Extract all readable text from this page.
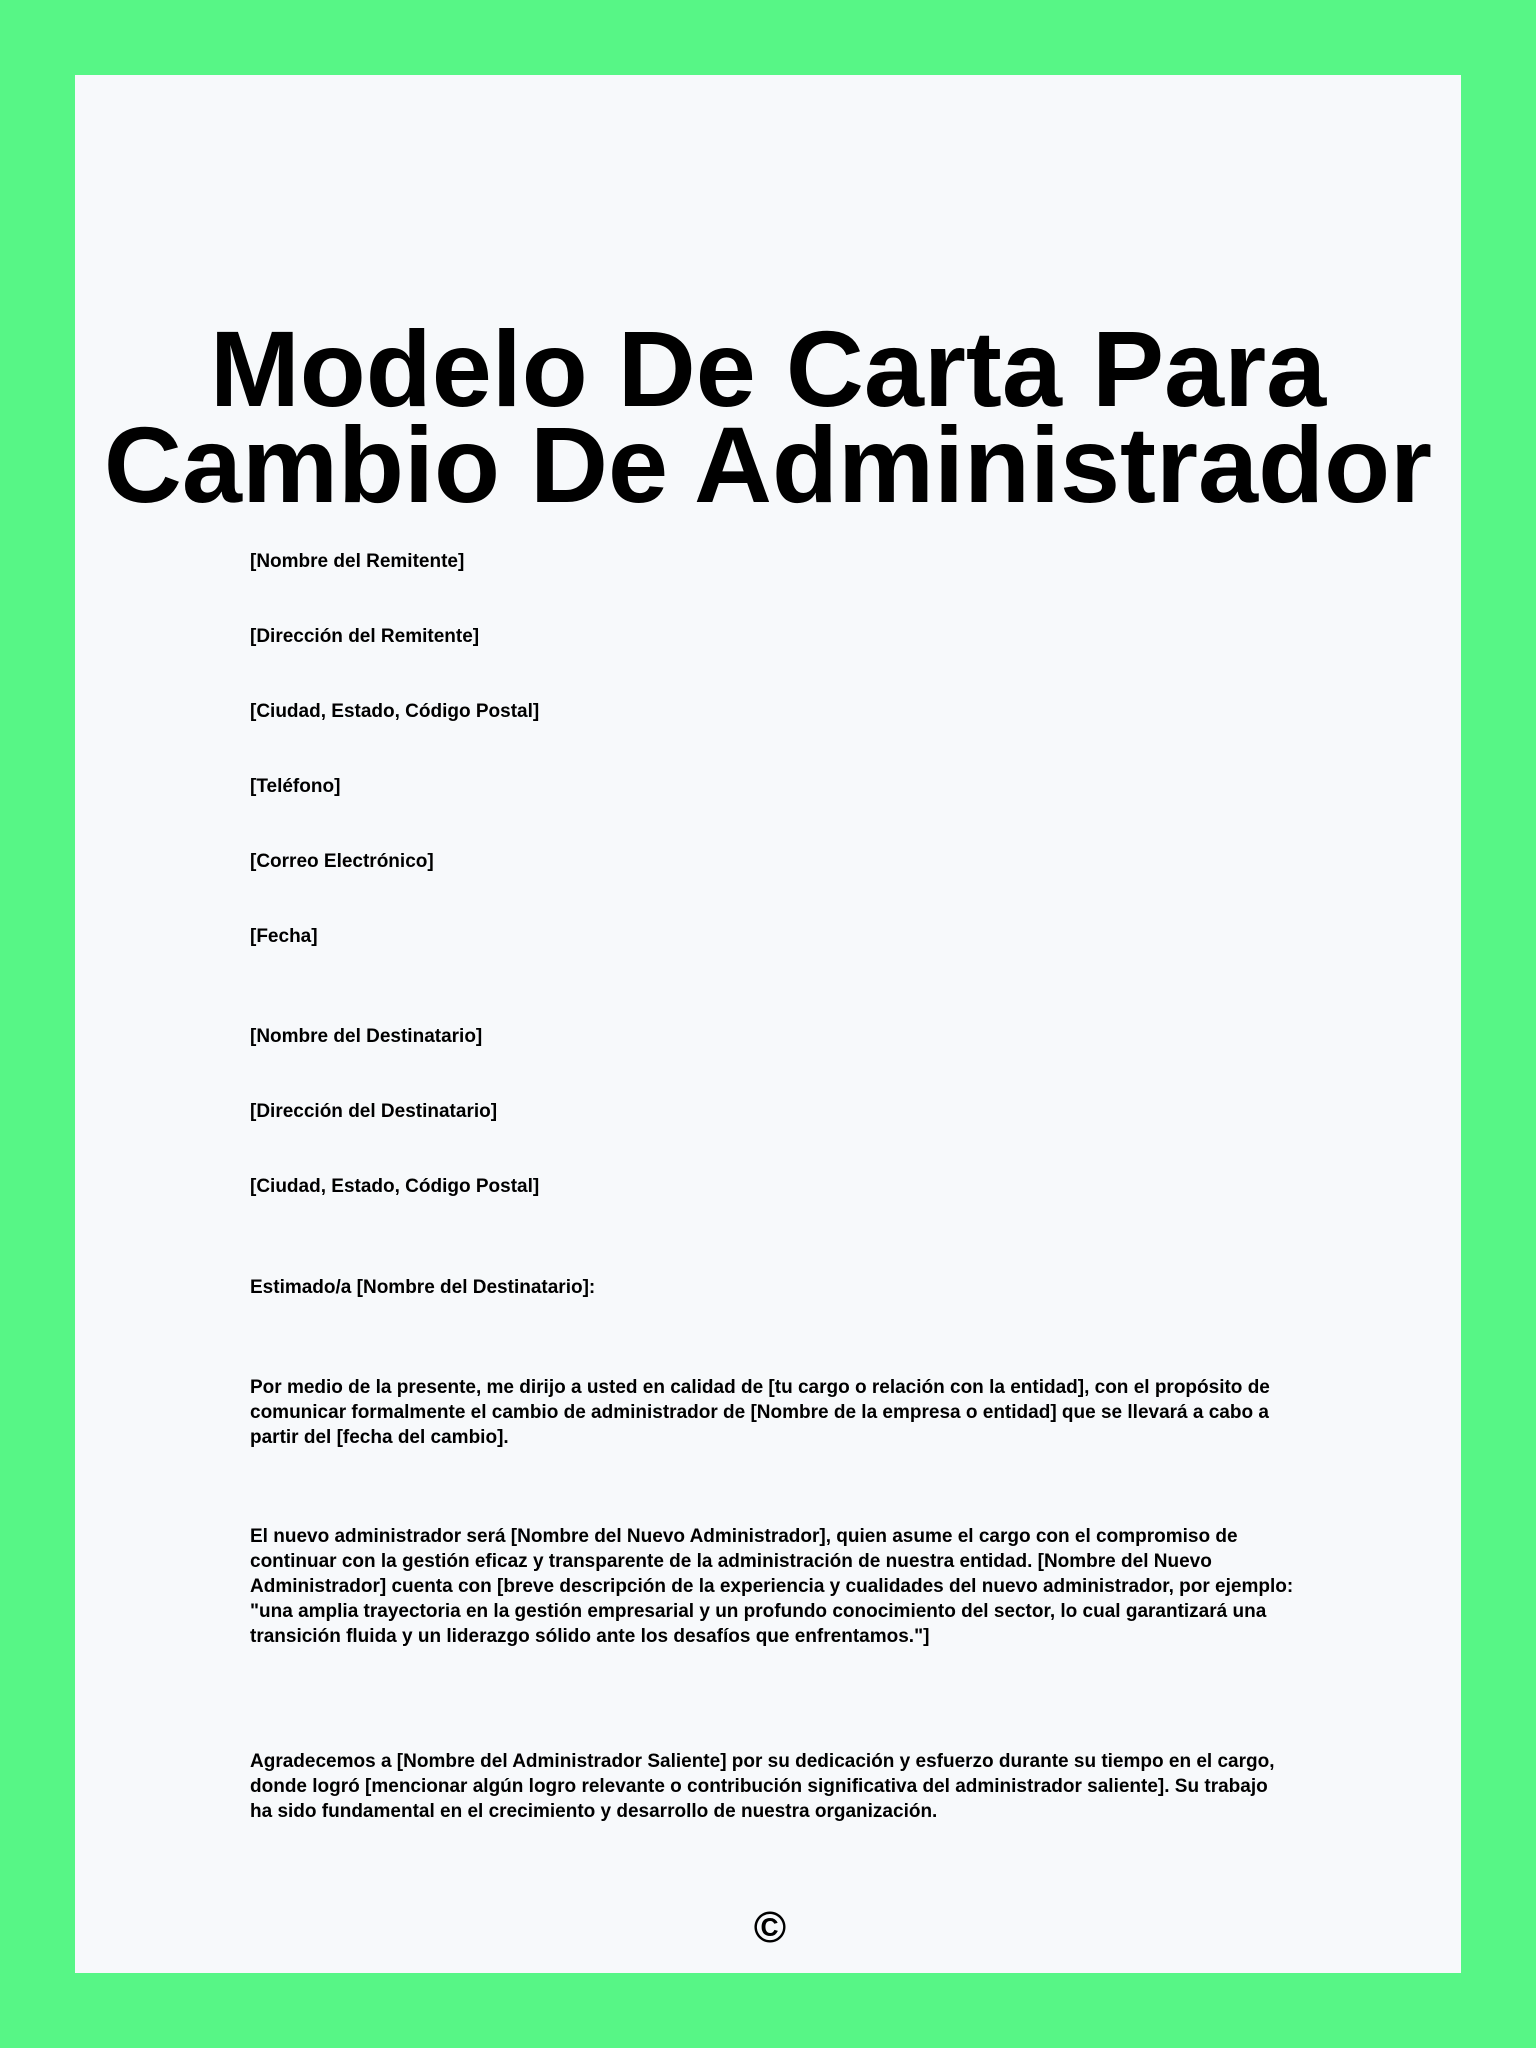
Modelo De Carta Para
Cambio De Administrador

[Nombre del Remitente]

[Dirección del Remitente]

[Ciudad, Estado, Código Postal]

[Teléfono]

[Correo Electrónico]

[Fecha]

[Nombre del Destinatario]

[Dirección del Destinatario]

[Ciudad, Estado, Código Postal]

Estimado/a [Nombre del Destinatario]:

Por medio de la presente, me dirijo a usted en calidad de [tu cargo o relación con la entidad], con el propósito de comunicar formalmente el cambio de administrador de [Nombre de la empresa o entidad] que se llevará a cabo a partir del [fecha del cambio].

El nuevo administrador será [Nombre del Nuevo Administrador], quien asume el cargo con el compromiso de continuar con la gestión eficaz y transparente de la administración de nuestra entidad. [Nombre del Nuevo Administrador] cuenta con [breve descripción de la experiencia y cualidades del nuevo administrador, por ejemplo: "una amplia trayectoria en la gestión empresarial y un profundo conocimiento del sector, lo cual garantizará una transición fluida y un liderazgo sólido ante los desafíos que enfrentamos."]

Agradecemos a [Nombre del Administrador Saliente] por su dedicación y esfuerzo durante su tiempo en el cargo, donde logró [mencionar algún logro relevante o contribución significativa del administrador saliente]. Su trabajo ha sido fundamental en el crecimiento y desarrollo de nuestra organización.

©
